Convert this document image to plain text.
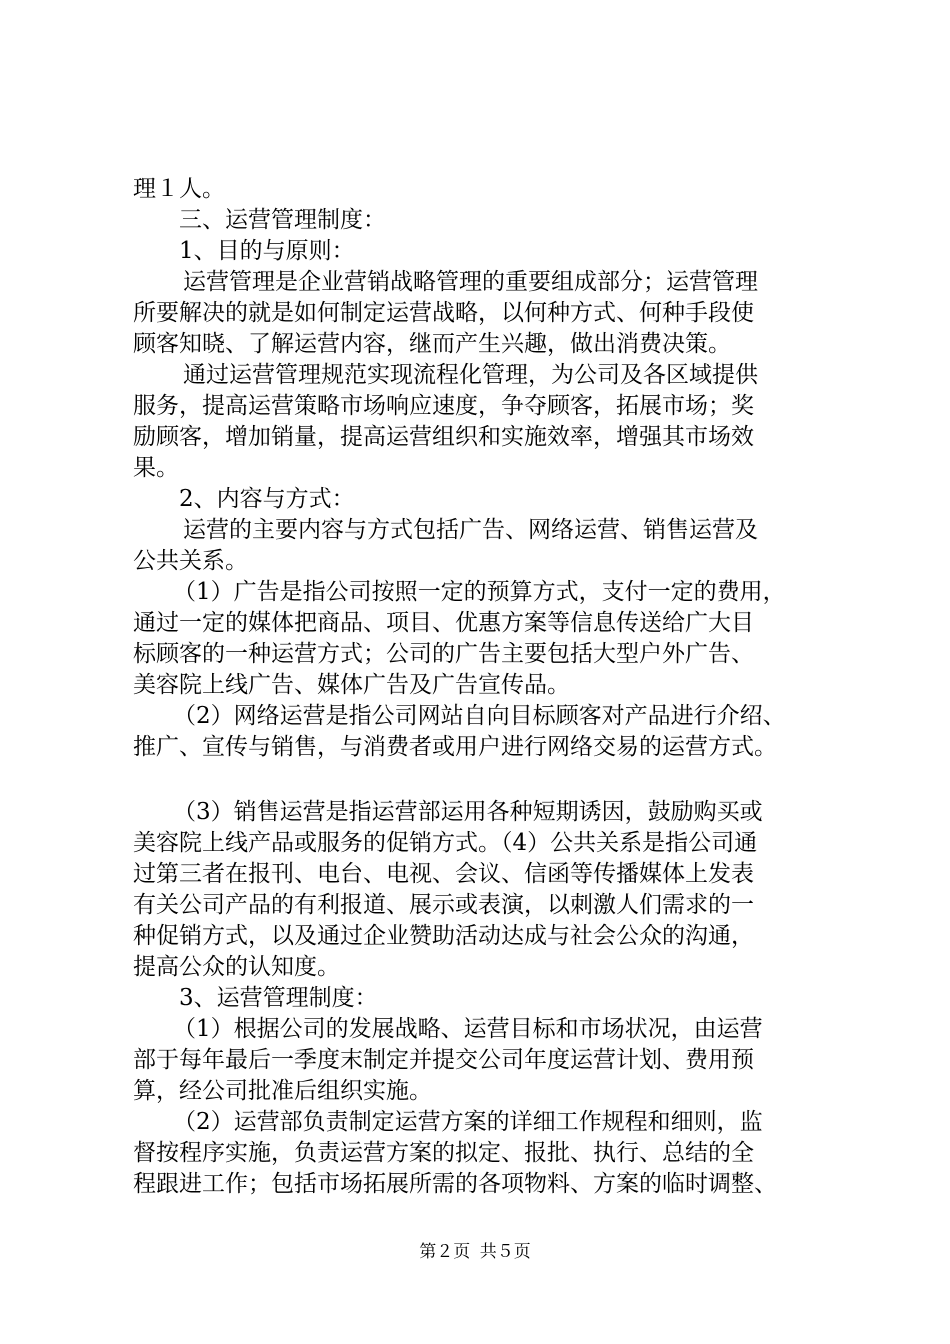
理１人。
三、运营管理制度：
1、目的与原则：
运营管理是企业营销战略管理的重要组成部分；运营管理
所要解决的就是如何制定运营战略，以何种方式、何种手段使
顾客知晓、了解运营内容，继而产生兴趣，做出消费决策。
通过运营管理规范实现流程化管理，为公司及各区域提供
服务，提高运营策略市场响应速度，争夺顾客，拓展市场；奖
励顾客，增加销量，提高运营组织和实施效率，增强其市场效
果。
2、内容与方式：
运营的主要内容与方式包括广告、网络运营、销售运营及
公共关系。
（1）广告是指公司按照一定的预算方式，支付一定的费用，
通过一定的媒体把商品、项目、优惠方案等信息传送给广大目
标顾客的一种运营方式；公司的广告主要包括大型户外广告、
美容院上线广告、媒体广告及广告宣传品。
（2）网络运营是指公司网站自向目标顾客对产品进行介绍、
推广、宣传与销售，与消费者或用户进行网络交易的运营方式。
（3）销售运营是指运营部运用各种短期诱因，鼓励购买或
美容院上线产品或服务的促销方式。（4）公共关系是指公司通
过第三者在报刊、电台、电视、会议、信函等传播媒体上发表
有关公司产品的有利报道、展示或表演，以刺激人们需求的一
种促销方式，以及通过企业赞助活动达成与社会公众的沟通，
提高公众的认知度。
3、运营管理制度：
（1）根据公司的发展战略、运营目标和市场状况，由运营
部于每年最后一季度末制定并提交公司年度运营计划、费用预
算，经公司批准后组织实施。
（2）运营部负责制定运营方案的详细工作规程和细则，监
督按程序实施，负责运营方案的拟定、报批、执行、总结的全
程跟进工作；包括市场拓展所需的各项物料、方案的临时调整、
第２页 共５页
